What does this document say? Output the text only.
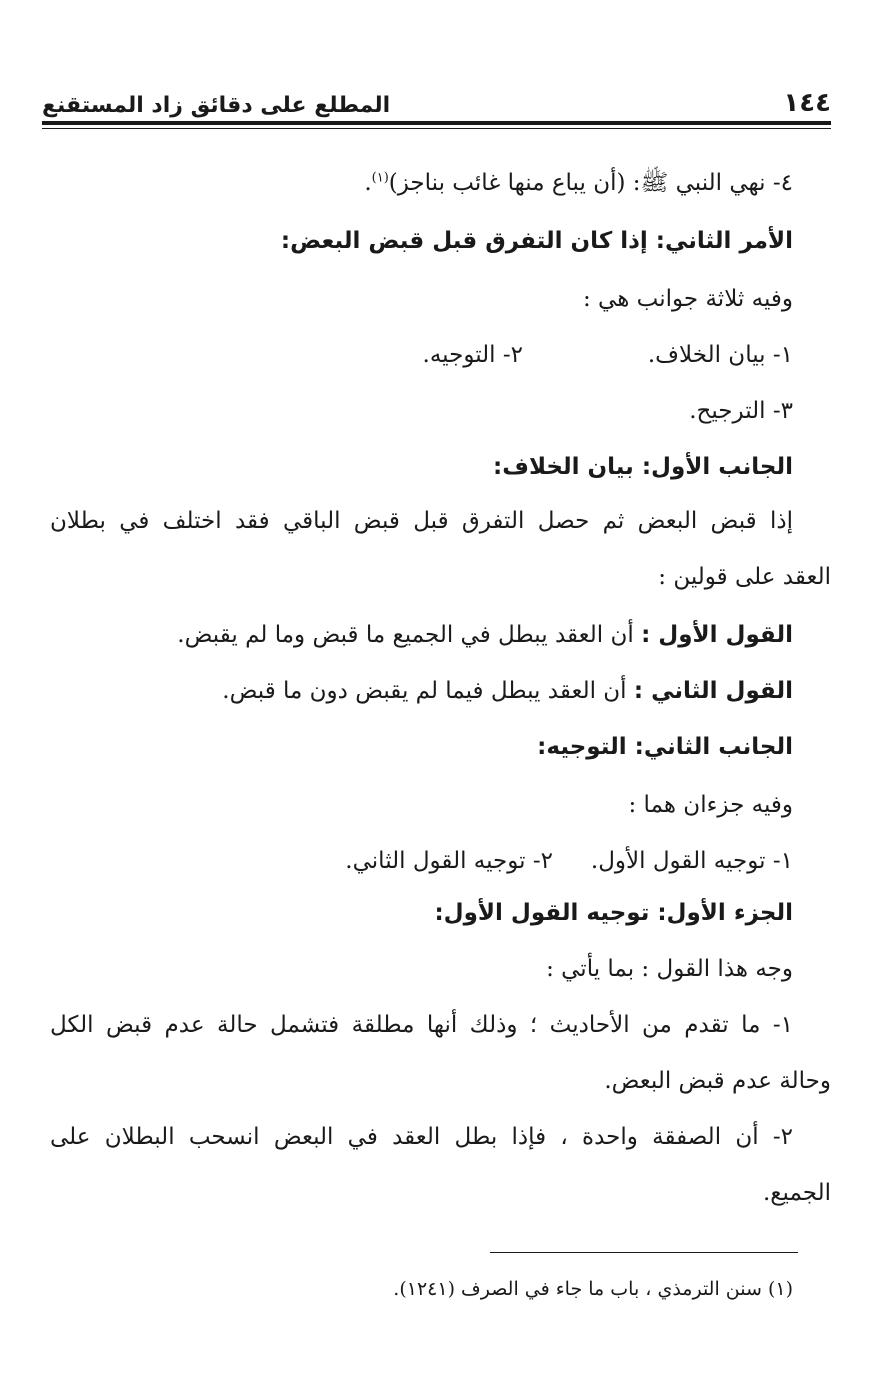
١٤٤
المطلع على دقائق زاد المستقنع
٤- نهي النبي ﷺ: (أن يباع منها غائب بناجز)$^{(١)}$.
الأمر الثاني: إذا كان التفرق قبل قبض البعض:
وفيه ثلاثة جوانب هي :
١- بيان الخلاف.
٢- التوجيه.
٣- الترجيح.
الجانب الأول: بيان الخلاف:
إذا قبض البعض ثم حصل التفرق قبل قبض الباقي فقد اختلف في بطلان
العقد على قولين :
القول الأول : أن العقد يبطل في الجميع ما قبض وما لم يقبض.
القول الثاني : أن العقد يبطل فيما لم يقبض دون ما قبض.
الجانب الثاني: التوجيه:
وفيه جزءان هما :
١- توجيه القول الأول.
٢- توجيه القول الثاني.
الجزء الأول: توجيه القول الأول:
وجه هذا القول : بما يأتي :
١- ما تقدم من الأحاديث ؛ وذلك أنها مطلقة فتشمل حالة عدم قبض الكل
وحالة عدم قبض البعض.
٢- أن الصفقة واحدة ، فإذا بطل العقد في البعض انسحب البطلان على
الجميع.
(١) سنن الترمذي ، باب ما جاء في الصرف (١٢٤١).
